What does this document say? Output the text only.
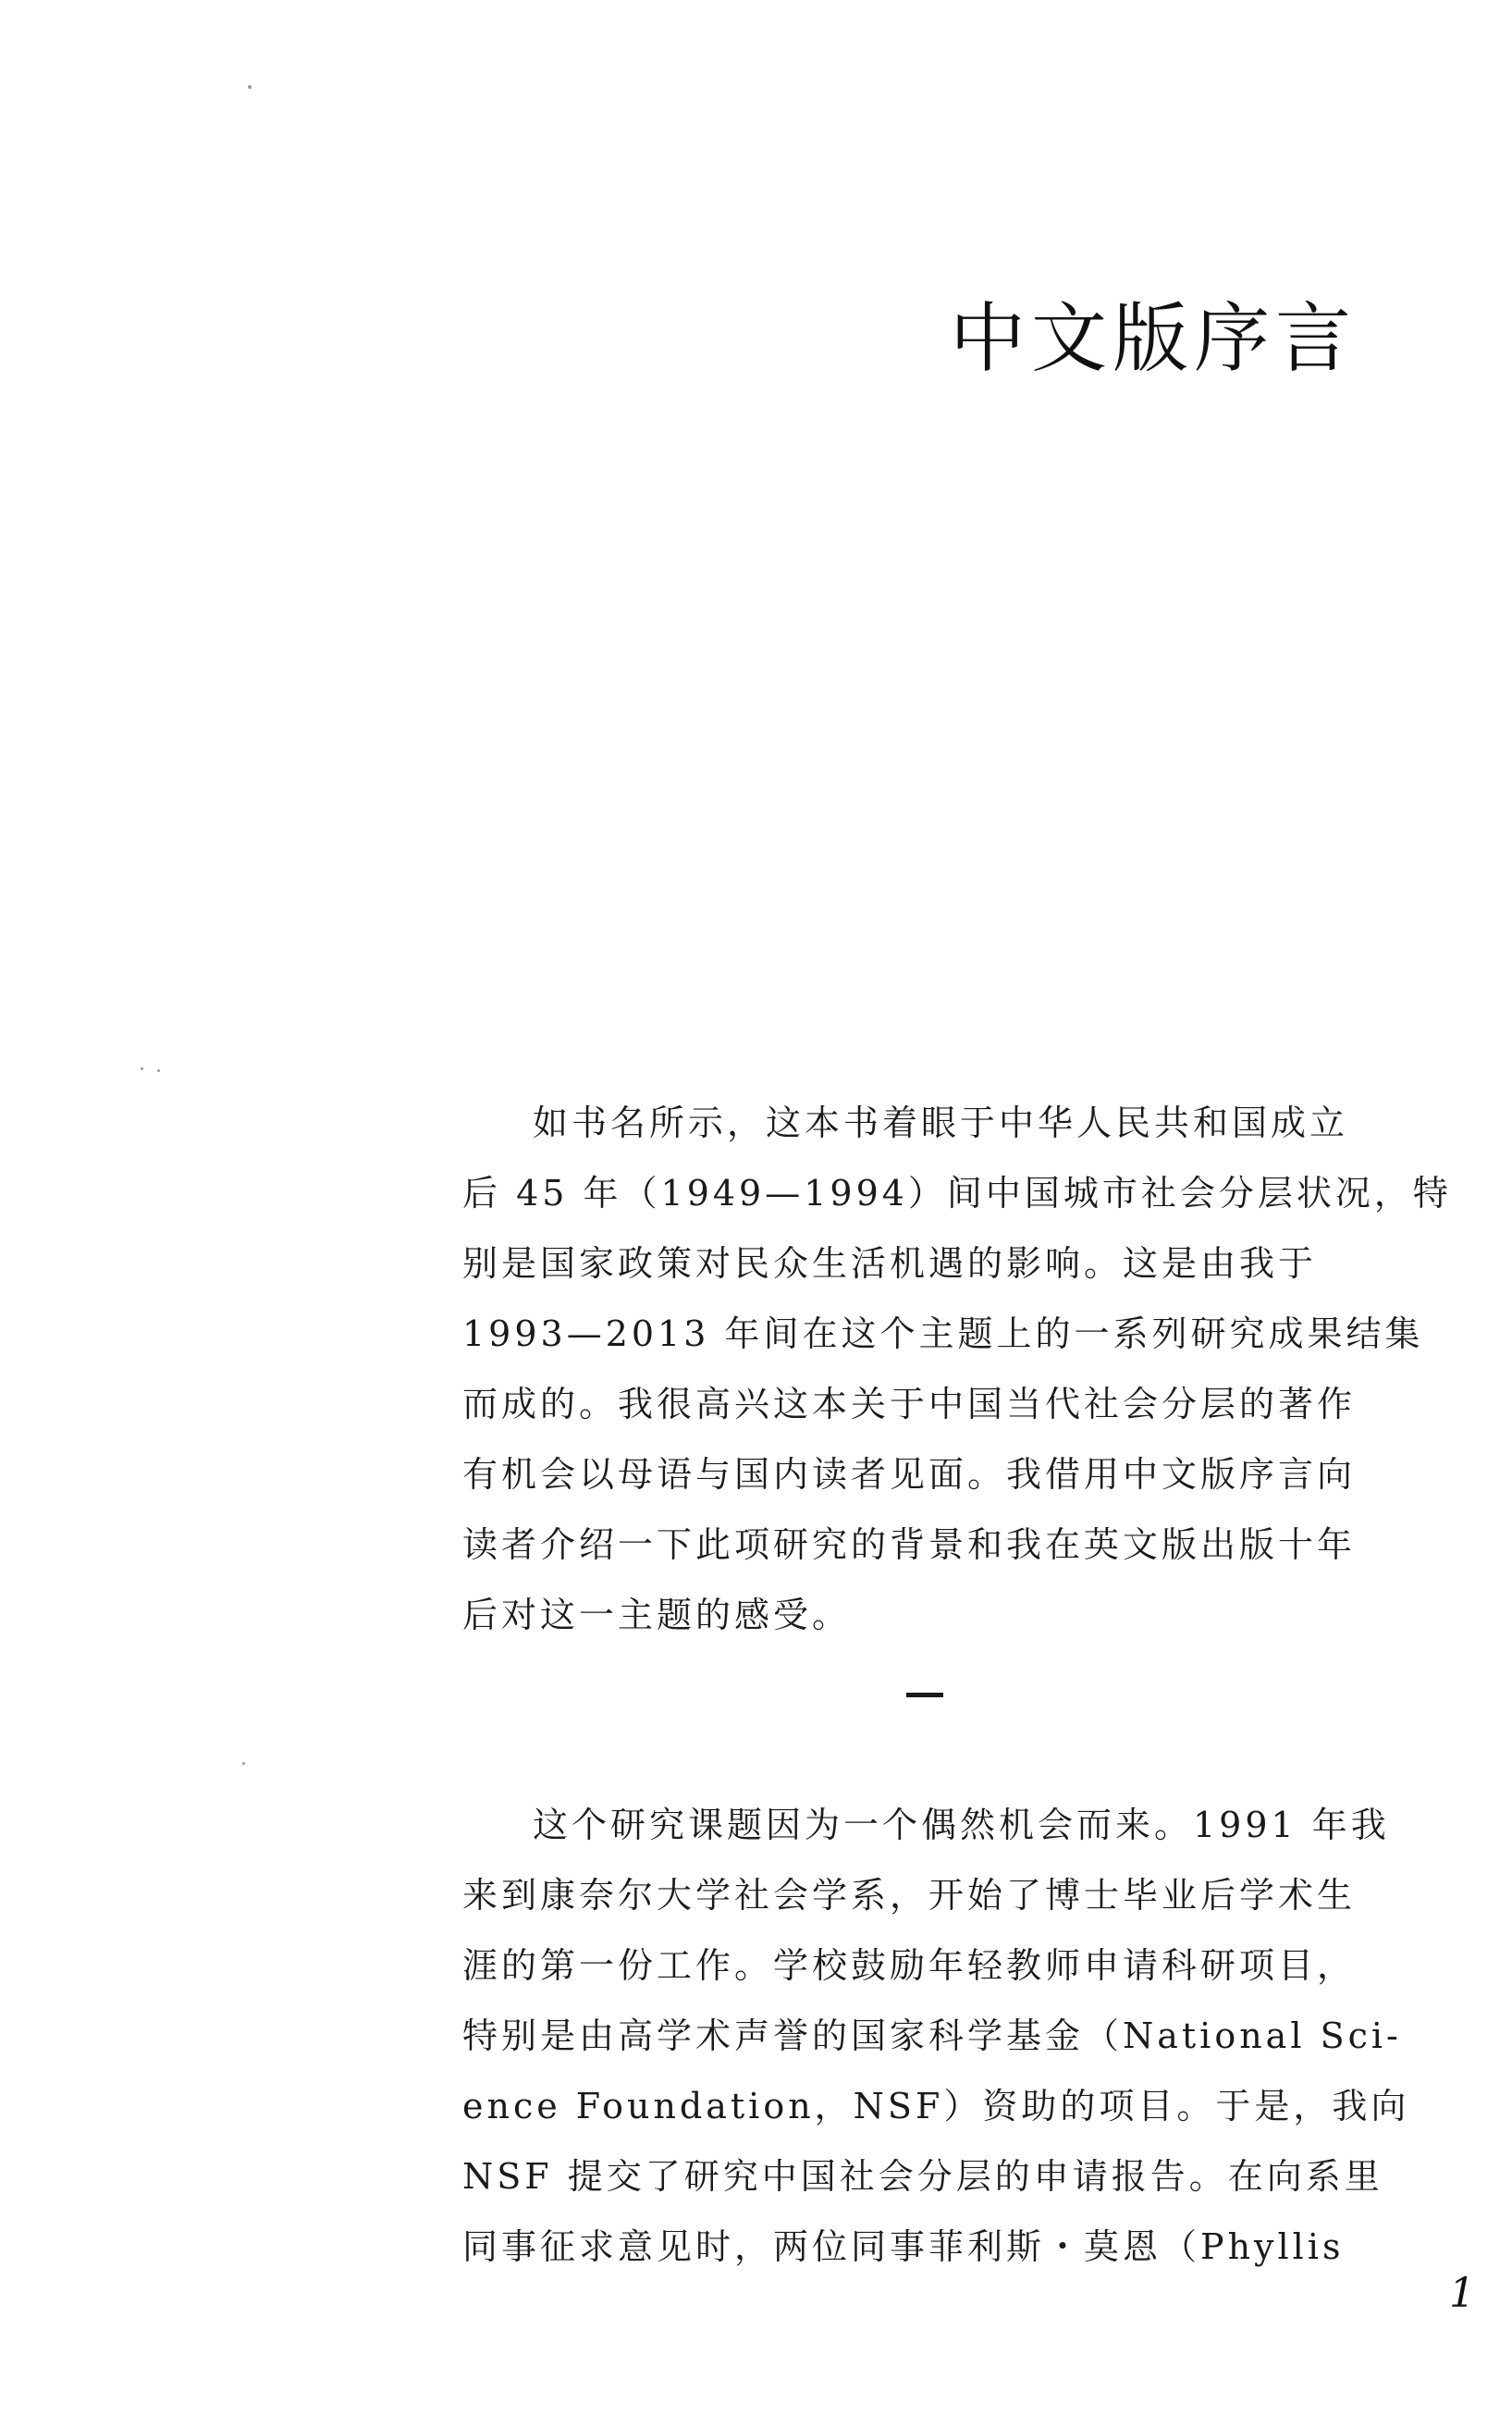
中文版序言

如书名所示，这本书着眼于中华人民共和国成立

后 45 年（1949—1994）间中国城市社会分层状况，特

别是国家政策对民众生活机遇的影响。这是由我于

1993—2013 年间在这个主题上的一系列研究成果结集

而成的。我很高兴这本关于中国当代社会分层的著作

有机会以母语与国内读者见面。我借用中文版序言向

读者介绍一下此项研究的背景和我在英文版出版十年

后对这一主题的感受。

这个研究课题因为一个偶然机会而来。1991 年我

来到康奈尔大学社会学系，开始了博士毕业后学术生

涯的第一份工作。学校鼓励年轻教师申请科研项目，

特别是由高学术声誉的国家科学基金（National Sci-

ence Foundation，NSF）资助的项目。于是，我向

NSF 提交了研究中国社会分层的申请报告。在向系里

同事征求意见时，两位同事菲利斯・莫恩（Phyllis

1
